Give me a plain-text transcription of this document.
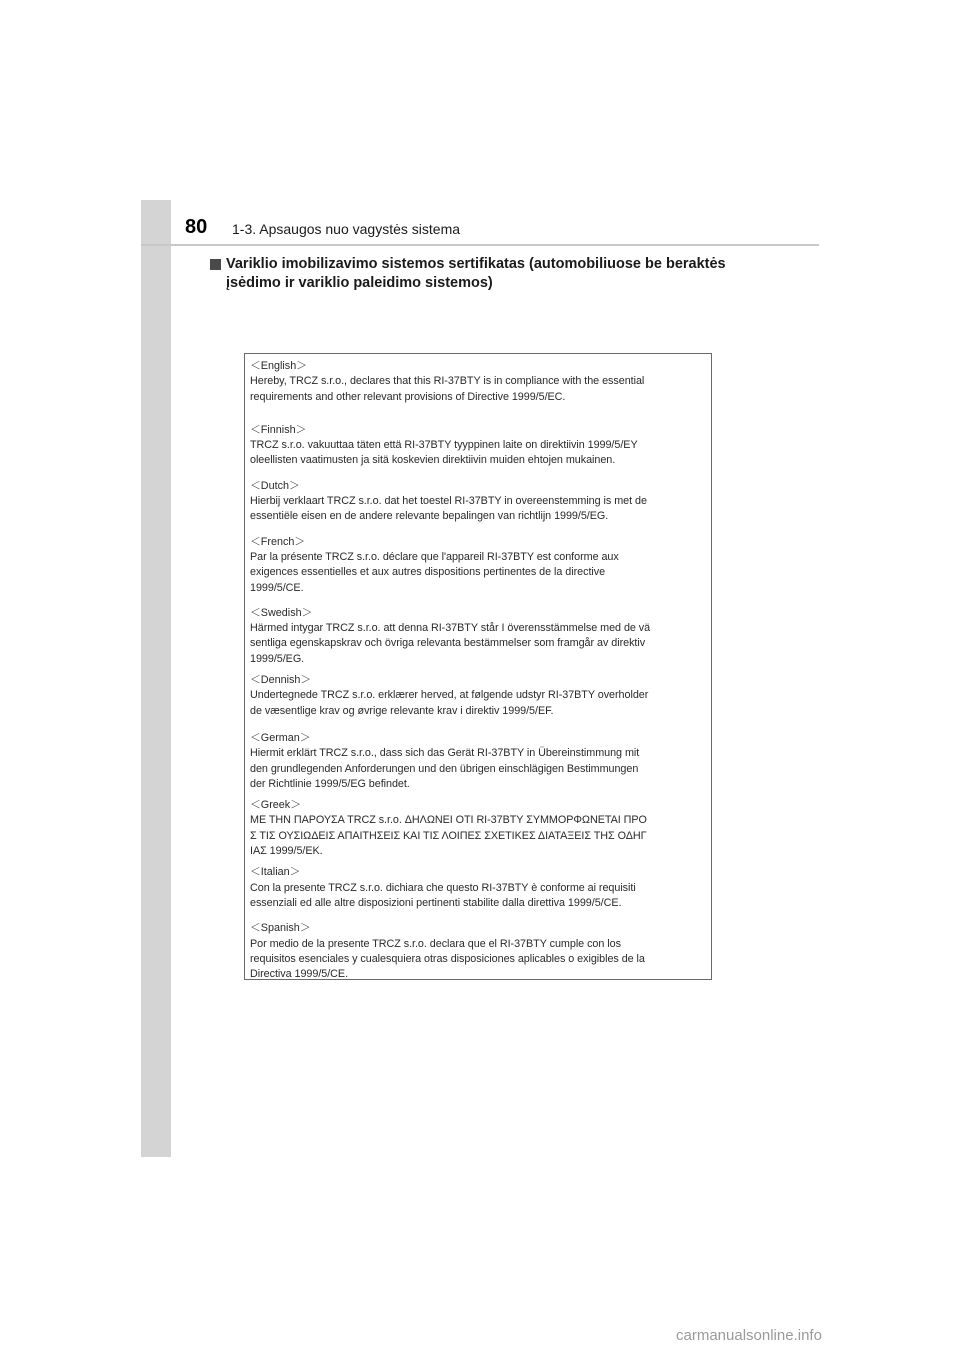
80 1-3. Apsaugos nuo vagystės sistema
Variklio imobilizavimo sistemos sertifikatas (automobiliuose be beraktės
įsėdimo ir variklio paleidimo sistemos)
＜English＞
Hereby, TRCZ s.r.o., declares that this RI-37BTY is in compliance with the essential
requirements and other relevant provisions of Directive 1999/5/EC.
＜Finnish＞
TRCZ s.r.o. vakuuttaa täten että RI-37BTY tyyppinen laite on direktiivin 1999/5/EY
oleellisten vaatimusten ja sitä koskevien direktiivin muiden ehtojen mukainen.
＜Dutch＞
Hierbij verklaart TRCZ s.r.o. dat het toestel RI-37BTY in overeenstemming is met de
essentiële eisen en de andere relevante bepalingen van richtlijn 1999/5/EG.
＜French＞
Par la présente TRCZ s.r.o. déclare que l'appareil RI-37BTY est conforme aux
exigences essentielles et aux autres dispositions pertinentes de la directive
1999/5/CE.
＜Swedish＞
Härmed intygar TRCZ s.r.o. att denna RI-37BTY står I överensstämmelse med de vä
sentliga egenskapskrav och övriga relevanta bestämmelser som framgår av direktiv
1999/5/EG.
＜Dennish＞
Undertegnede TRCZ s.r.o. erklærer herved, at følgende udstyr RI-37BTY overholder
de væsentlige krav og øvrige relevante krav i direktiv 1999/5/EF.
＜German＞
Hiermit erklärt TRCZ s.r.o., dass sich das Gerät RI-37BTY in Übereinstimmung mit
den grundlegenden Anforderungen und den übrigen einschlägigen Bestimmungen
der Richtlinie 1999/5/EG befindet.
＜Greek＞
ΜΕ ΤΗΝ ΠΑΡΟΥΣΑ TRCZ s.r.o. ΔΗΛΩΝΕΙ ΟΤΙ RI-37BTY ΣΥΜΜΟΡΦΩΝΕΤΑΙ ΠΡΟ
Σ ΤΙΣ ΟΥΣΙΩΔΕΙΣ ΑΠΑΙΤΗΣΕΙΣ ΚΑΙ ΤΙΣ ΛΟΙΠΕΣ ΣΧΕΤΙΚΕΣ ΔΙΑΤΑΞΕΙΣ ΤΗΣ ΟΔΗΓ
ΙΑΣ 1999/5/ΕΚ.
＜Italian＞
Con la presente TRCZ s.r.o. dichiara che questo RI-37BTY è conforme ai requisiti
essenziali ed alle altre disposizioni pertinenti stabilite dalla direttiva 1999/5/CE.
＜Spanish＞
Por medio de la presente TRCZ s.r.o. declara que el RI-37BTY cumple con los
requisitos esenciales y cualesquiera otras disposiciones aplicables o exigibles de la
Directiva 1999/5/CE.
carmanualsonline.info
